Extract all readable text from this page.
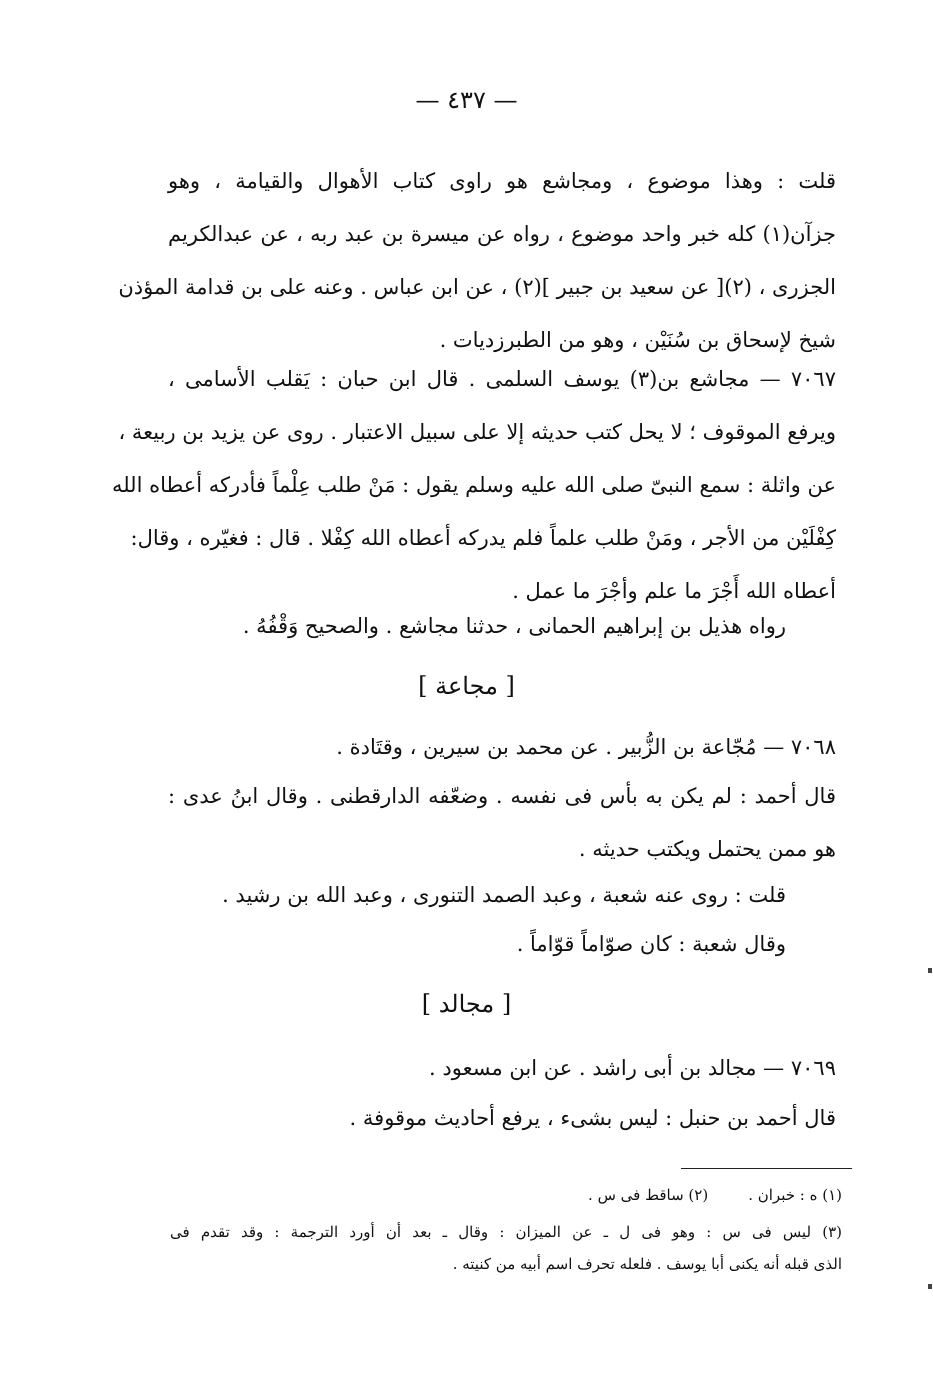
— ٤٣٧ —
قلت : وهذا موضوع ، ومجاشع هو راوى كتاب الأهوال والقيامة ، وهو
جزآن(١) كله خبر واحد موضوع ، رواه عن ميسرة بن عبد ربه ، عن عبدالكريم
الجزرى ، (٢)[ عن سعيد بن جبير ](٢) ، عن ابن عباس . وعنه على بن قدامة المؤذن
شيخ لإسحاق بن سُنَيْن ، وهو من الطبرزديات .
٧٠٦٧ — مجاشع بن(٣) يوسف السلمى . قال ابن حبان : يَقلب الأسامى ،
ويرفع الموقوف ؛ لا يحل كتب حديثه إلا على سبيل الاعتبار . روى عن يزيد بن ربيعة ،
عن واثلة : سمع النبىّ صلى الله عليه وسلم يقول : مَنْ طلب عِلْماً فأدركه أعطاه الله
كِفْلَيْن من الأجر ، ومَنْ طلب علماً فلم يدركه أعطاه الله كِفْلا . قال : فغيّره ، وقال:
أعطاه الله أَجْرَ ما علم وأجْرَ ما عمل .
رواه هذيل بن إبراهيم الحمانى ، حدثنا مجاشع . والصحيح وَقْفُهُ .
[ مجاعة ]
٧٠٦٨ — مُجّاعة بن الزُّبير . عن محمد بن سيرين ، وقتَادة .
قال أحمد : لم يكن به بأس فى نفسه . وضعّفه الدارقطنى . وقال ابنُ عدى :
هو ممن يحتمل ويكتب حديثه .
قلت : روى عنه شعبة ، وعبد الصمد التنورى ، وعبد الله بن رشيد .
وقال شعبة : كان صوّاماً قوّاماً .
[ مجالد ]
٧٠٦٩ — مجالد بن أبى راشد . عن ابن مسعود .
قال أحمد بن حنبل : ليس بشىء ، يرفع أحاديث موقوفة .
(١) ه : خبران .(٢) ساقط فى س .
(٣) ليس فى س : وهو فى ل ـ عن الميزان : وقال ـ بعد أن أورد الترجمة : وقد تقدم فى
الذى قبله أنه يكنى أبا يوسف . فلعله تحرف اسم أبيه من كنيته .
